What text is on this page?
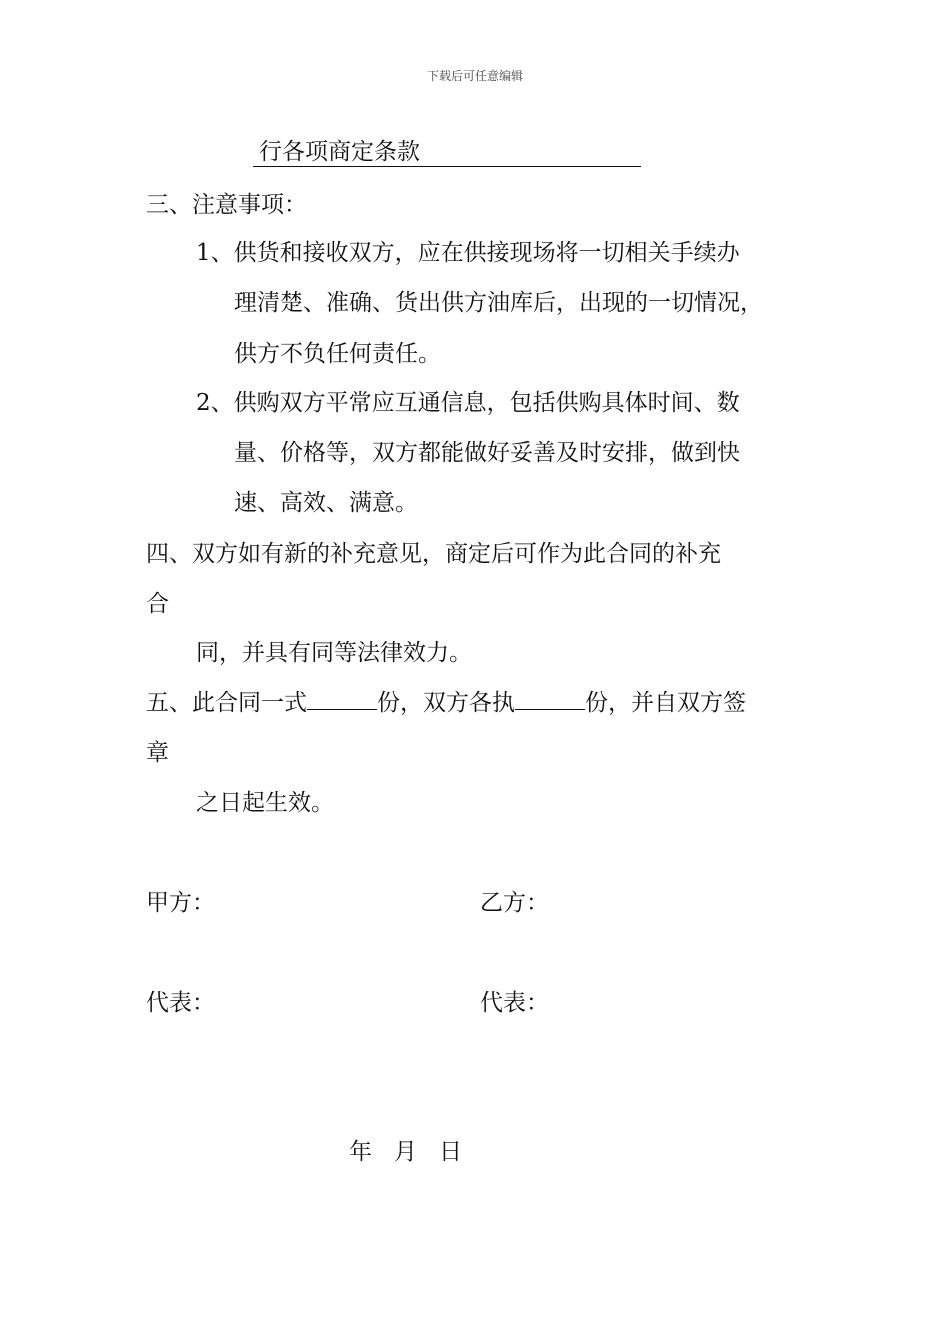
下载后可任意编辑
行各项商定条款
三、注意事项：
1、供货和接收双方，应在供接现场将一切相关手续办
理清楚、准确、货出供方油库后，出现的一切情况，
供方不负任何责任。
2、供购双方平常应互通信息，包括供购具体时间、数
量、价格等，双方都能做好妥善及时安排，做到快
速、高效、满意。
四、双方如有新的补充意见，商定后可作为此合同的补充
合
同，并具有同等法律效力。
五、此合同一式	份，双方各执	份，并自双方签
章
之日起生效。
甲方：	乙方：
代表：	代表：
年 月 日
